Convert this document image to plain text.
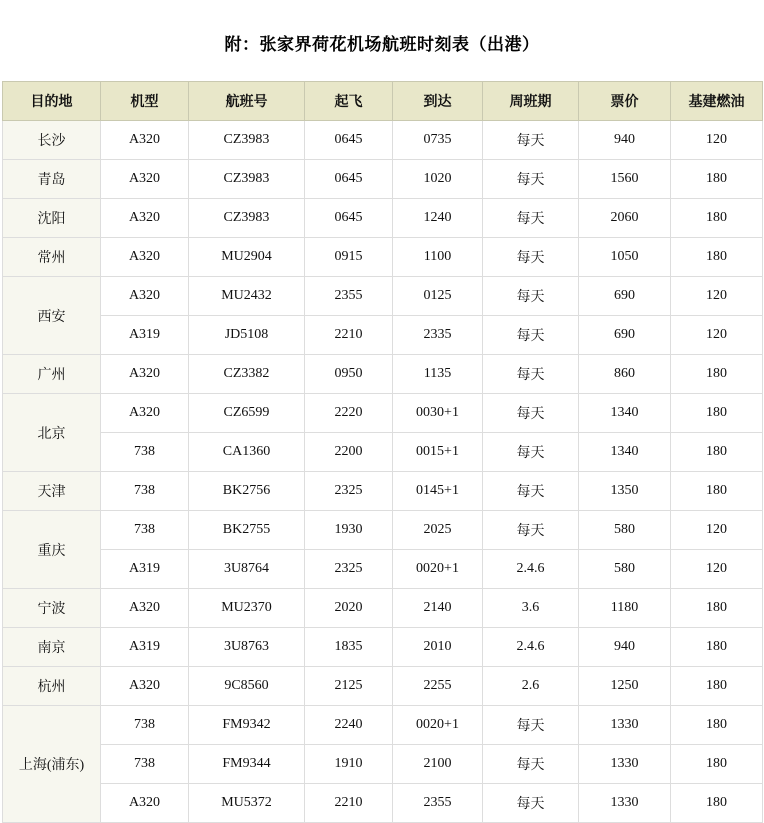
附：张家界荷花机场航班时刻表（出港）
目的地	机型	航班号	起飞	到达	周班期	票价	基建燃油
长沙	A320	CZ3983	0645	0735	每天	940	120
青岛	A320	CZ3983	0645	1020	每天	1560	180
沈阳	A320	CZ3983	0645	1240	每天	2060	180
常州	A320	MU2904	0915	1100	每天	1050	180
西安	A320	MU2432	2355	0125	每天	690	120
	A319	JD5108	2210	2335	每天	690	120
广州	A320	CZ3382	0950	1135	每天	860	180
北京	A320	CZ6599	2220	0030+1	每天	1340	180
	738	CA1360	2200	0015+1	每天	1340	180
天津	738	BK2756	2325	0145+1	每天	1350	180
重庆	738	BK2755	1930	2025	每天	580	120
	A319	3U8764	2325	0020+1	2.4.6	580	120
宁波	A320	MU2370	2020	2140	3.6	1180	180
南京	A319	3U8763	1835	2010	2.4.6	940	180
杭州	A320	9C8560	2125	2255	2.6	1250	180
上海(浦东)	738	FM9342	2240	0020+1	每天	1330	180
	738	FM9344	1910	2100	每天	1330	180
	A320	MU5372	2210	2355	每天	1330	180
